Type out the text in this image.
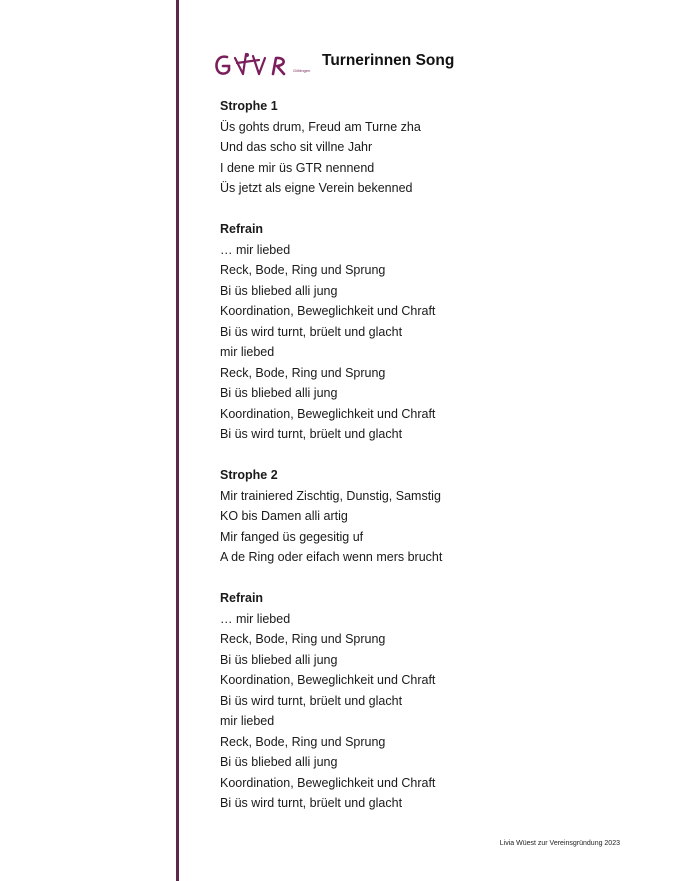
Göttingen
Turnerinnen Song
Strophe 1
Üs gohts drum, Freud am Turne zha
Und das scho sit villne Jahr
I dene mir üs GTR nennend
Üs jetzt als eigne Verein bekenned
Refrain
… mir liebed
Reck, Bode, Ring und Sprung
Bi üs bliebed alli jung
Koordination, Beweglichkeit und Chraft
Bi üs wird turnt, brüelt und glacht
mir liebed
Reck, Bode, Ring und Sprung
Bi üs bliebed alli jung
Koordination, Beweglichkeit und Chraft
Bi üs wird turnt, brüelt und glacht
Strophe 2
Mir trainiered Zischtig, Dunstig, Samstig
KO bis Damen alli artig
Mir fanged üs gegesitig uf
A de Ring oder eifach wenn mers brucht
Refrain
… mir liebed
Reck, Bode, Ring und Sprung
Bi üs bliebed alli jung
Koordination, Beweglichkeit und Chraft
Bi üs wird turnt, brüelt und glacht
mir liebed
Reck, Bode, Ring und Sprung
Bi üs bliebed alli jung
Koordination, Beweglichkeit und Chraft
Bi üs wird turnt, brüelt und glacht
Livia Wüest zur Vereinsgründung 2023
